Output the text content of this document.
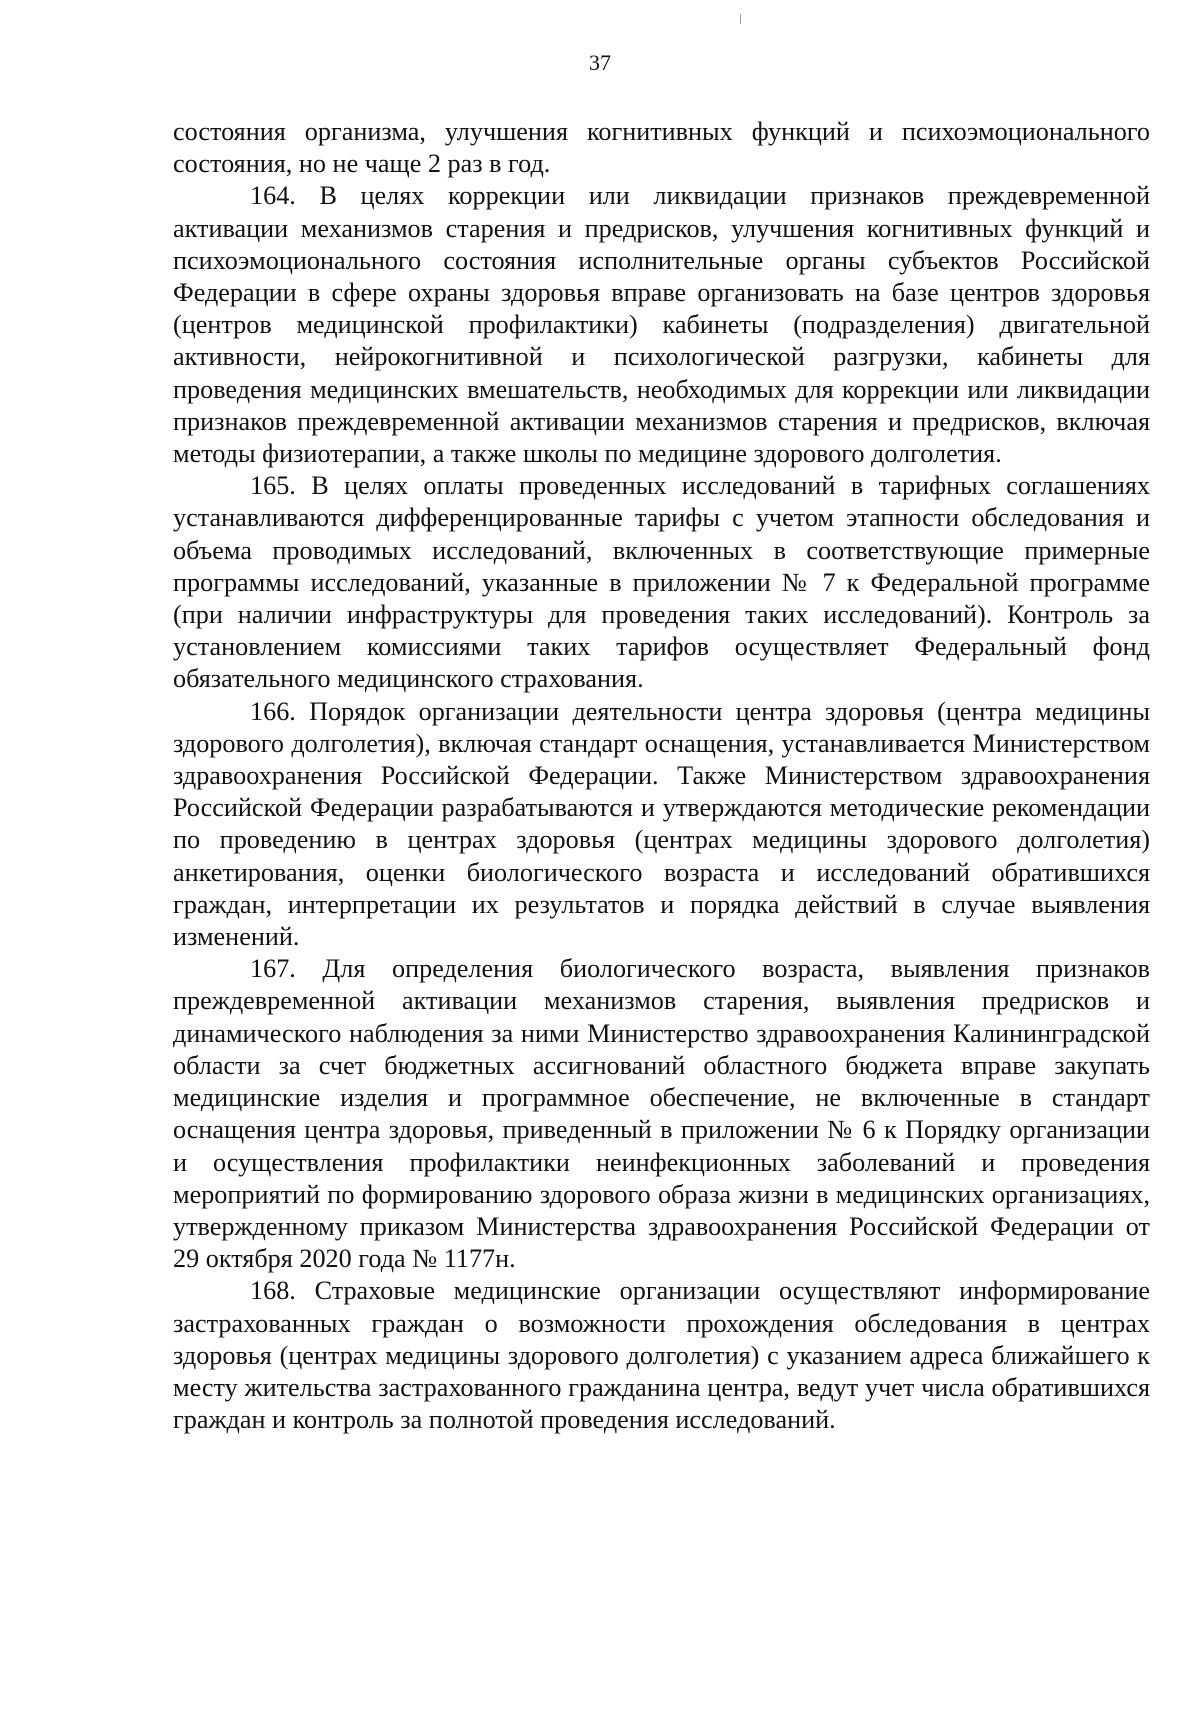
37

состояния организма, улучшения когнитивных функций и психоэмоционального состояния, но не чаще 2 раз в год.

164. В целях коррекции или ликвидации признаков преждевременной активации механизмов старения и предрисков, улучшения когнитивных функций и психоэмоционального состояния исполнительные органы субъектов Российской Федерации в сфере охраны здоровья вправе организовать на базе центров здоровья (центров медицинской профилактики) кабинеты (подразделения) двигательной активности, нейрокогнитивной и психологической разгрузки, кабинеты для проведения медицинских вмешательств, необходимых для коррекции или ликвидации признаков преждевременной активации механизмов старения и предрисков, включая методы физиотерапии, а также школы по медицине здорового долголетия.

165. В целях оплаты проведенных исследований в тарифных соглашениях устанавливаются дифференцированные тарифы с учетом этапности обследования и объема проводимых исследований, включенных в соответствующие примерные программы исследований, указанные в приложении № 7 к Федеральной программе (при наличии инфраструктуры для проведения таких исследований). Контроль за установлением комиссиями таких тарифов осуществляет Федеральный фонд обязательного медицинского страхования.

166. Порядок организации деятельности центра здоровья (центра медицины здорового долголетия), включая стандарт оснащения, устанавливается Министерством здравоохранения Российской Федерации. Также Министерством здравоохранения Российской Федерации разрабатываются и утверждаются методические рекомендации по проведению в центрах здоровья (центрах медицины здорового долголетия) анкетирования, оценки биологического возраста и исследований обратившихся граждан, интерпретации их результатов и порядка действий в случае выявления изменений.

167. Для определения биологического возраста, выявления признаков преждевременной активации механизмов старения, выявления предрисков и динамического наблюдения за ними Министерство здравоохранения Калининградской области за счет бюджетных ассигнований областного бюджета вправе закупать медицинские изделия и программное обеспечение, не включенные в стандарт оснащения центра здоровья, приведенный в приложении № 6 к Порядку организации и осуществления профилактики неинфекционных заболеваний и проведения мероприятий по формированию здорового образа жизни в медицинских организациях, утвержденному приказом Министерства здравоохранения Российской Федерации от 29 октября 2020 года № 1177н.

168. Страховые медицинские организации осуществляют информирование застрахованных граждан о возможности прохождения обследования в центрах здоровья (центрах медицины здорового долголетия) с указанием адреса ближайшего к месту жительства застрахованного гражданина центра, ведут учет числа обратившихся граждан и контроль за полнотой проведения исследований.
